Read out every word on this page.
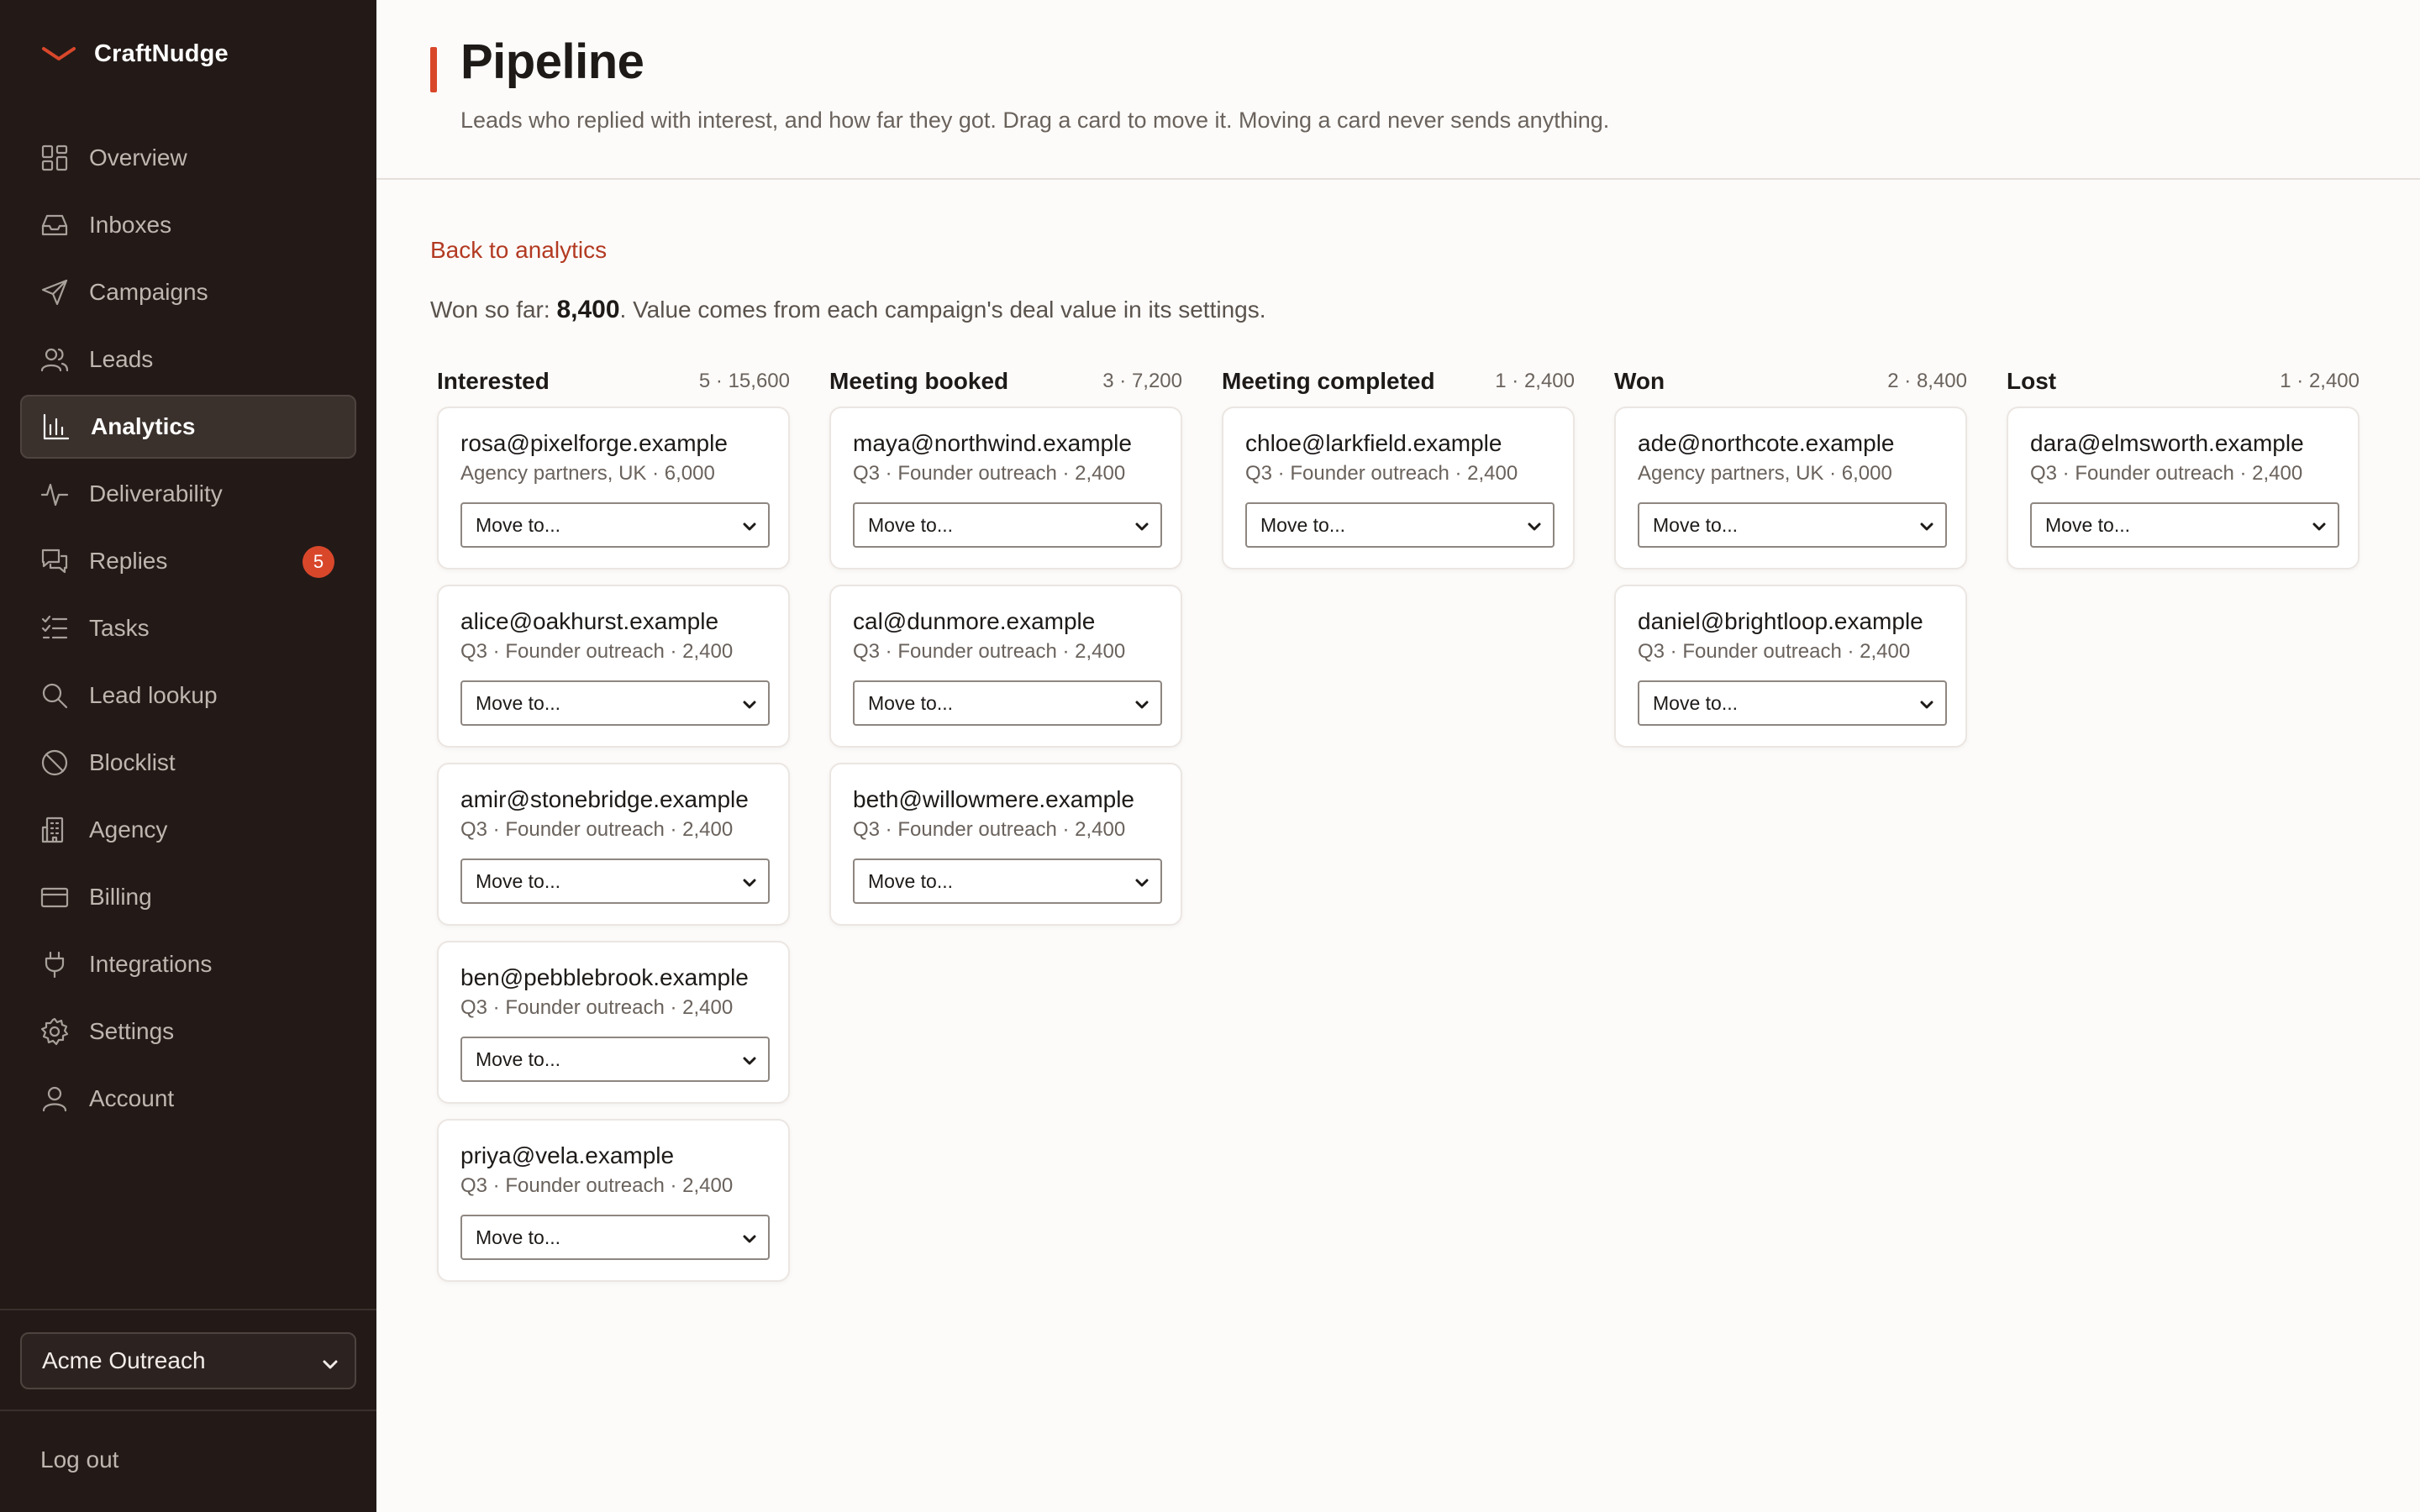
CraftNudge
Overview
Inboxes
Campaigns
Leads
Analytics
Deliverability
Replies	5
Tasks
Lead lookup
Blocklist
Agency
Billing
Integrations
Settings
Account
Acme Outreach
Log out
Pipeline

Leads who replied with interest, and how far they got. Drag a card to move it. Moving a card never sends anything.

Back to analytics

Won so far: 8,400. Value comes from each campaign's deal value in its settings.

Interested	5 · 15,600
rosa@pixelforge.example
Agency partners, UK · 6,000
Move to...
alice@oakhurst.example
Q3 · Founder outreach · 2,400
Move to...
amir@stonebridge.example
Q3 · Founder outreach · 2,400
Move to...
ben@pebblebrook.example
Q3 · Founder outreach · 2,400
Move to...
priya@vela.example
Q3 · Founder outreach · 2,400
Move to...
Meeting booked	3 · 7,200
maya@northwind.example
Q3 · Founder outreach · 2,400
Move to...
cal@dunmore.example
Q3 · Founder outreach · 2,400
Move to...
beth@willowmere.example
Q3 · Founder outreach · 2,400
Move to...
Meeting completed	1 · 2,400
chloe@larkfield.example
Q3 · Founder outreach · 2,400
Move to...
Won	2 · 8,400
ade@northcote.example
Agency partners, UK · 6,000
Move to...
daniel@brightloop.example
Q3 · Founder outreach · 2,400
Move to...
Lost	1 · 2,400
dara@elmsworth.example
Q3 · Founder outreach · 2,400
Move to...
